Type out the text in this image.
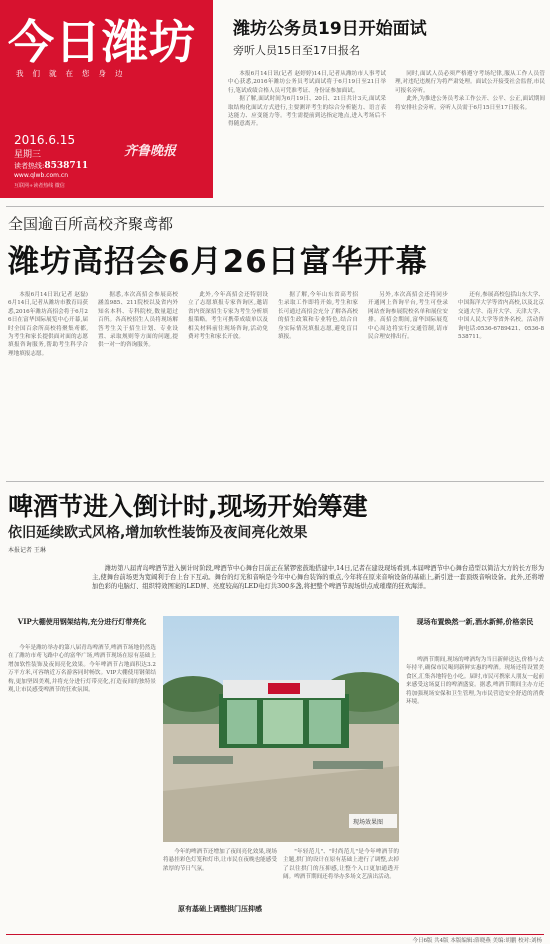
今日潍坊
我们就在您身边
2016.6.15
星期三
读者热线:8538711
www.qlwb.com.cn
齐鲁晚报
互联网+读者热线 微信
潍坊公务员19日开始面试
旁听人员15日至17日报名

本报6月14日讯(记者 赵婷婷)14日,记者从潍坊市人事考试中心获悉,2016年潍坊公务员考试面试将于6月19日至21日举行,笔试成绩合格人员可凭准考证、身份证参加面试。

据了解,面试时间为6月19日、20日、21日共计3天,面试采取结构化面试方式进行,主要测评考生的综合分析能力、语言表达能力、应变能力等。考生需提前到达指定地点,进入考场后不得随意离开。

同时,面试人员必须严格遵守考场纪律,服从工作人员管理,对违纪违规行为将严肃处理。面试公开接受社会监督,市民可报名旁听。

此外,为推进公务员考录工作公开、公平、公正,面试期间将安排社会旁听。旁听人员需于6月15日至17日报名。

全国逾百所高校齐聚鸢都
潍坊高招会6月26日富华开幕

本报6月14日讯(记者 赵磊)6月14日,记者从潍坊市教育局获悉,2016年潍坊高招会将于6月26日在富华国际展览中心开幕,届时全国百余所高校将聚集鸢都,为考生和家长提供面对面的志愿填报咨询服务,帮助考生科学合理地填报志愿。

据悉,本次高招会参展高校涵盖985、211院校以及省内外知名本科、专科院校,数量超过百所。各高校招生人员将现场解答考生关于招生计划、专业设置、录取规则等方面的问题,提供一对一的咨询服务。

此外,今年高招会还特别设立了志愿填报专家咨询区,邀请省内资深招生专家为考生分析填报策略。考生可携带成绩单以及相关材料前往现场咨询,活动免费对考生和家长开放。

据了解,今年山东省高考招生录取工作即将开始,考生和家长可通过高招会充分了解各高校的招生政策和专业特色,结合自身实际情况填报志愿,避免盲目填报。

另外,本次高招会还将同步开通网上咨询平台,考生可登录网站查询参展院校名单和展位安排。高招会期间,富华国际展览中心周边将实行交通管制,请市民合理安排出行。

还有,参展高校包括山东大学、中国海洋大学等省内高校,以及北京交通大学、南开大学、天津大学、中国人民大学等省外名校。活动咨询电话:0536-6789421、0536-8538711。

啤酒节进入倒计时,现场开始筹建
依旧延续欧式风格,增加软性装饰及夜间亮化效果
本报记者 王琳
潍坊第八届青岛啤酒节进入倒计时阶段,啤酒节中心舞台目前正在紧锣密鼓地搭建中,14日,记者在建设现场看到,本届啤酒节中心舞台造型以简洁大方的长方形为主,使舞台前场更为宽阔利于台上台下互动。舞台的灯光和音响是今年中心舞台装饰的重点,今年将在原来音响设备的基础上,新引进一套顶级音响设备。此外,还将增加色彩的电脑灯、组织特效图案的LED屏、亮度较高的LED电灯共300多盏,将把整个啤酒节现场烘点成璀璨的狂欢海洋。
VIP大棚使用钢架结构,充分进行灯带亮化

今年是潍坊举办的第八届青岛啤酒节,啤酒节场地仍然选在了潍坊市鸢飞路中心的富华广场,啤酒节现场在原有基础上增加软性装饰及夜间亮化效果。今年啤酒节占地面积达3.2万平方米,可容纳近万名游客同时畅饮。VIP大棚使用钢架结构,更加坚固美观,并将充分进行灯带亮化,打造夜间的独特景观,让市民感受啤酒节的狂欢氛围。

现场效果图

今年的啤酒节还增加了夜间亮化效果,现场将悬挂彩色灯笼和灯串,让市民在夜晚也能感受浓厚的节日气氛。

原有基础上调整拱门压抑感

"年轻范儿"、"时尚范儿"是今年啤酒节的主题,拱门的设计在原有基础上进行了调整,去掉了以往拱门的压抑感,让整个入口更加通透开阔。啤酒节期间还将举办多场文艺演出活动。

现场布置焕然一新,酒水新鲜,价格亲民

啤酒节期间,现场的啤酒均为当日新鲜送达,价格与去年持平,确保市民喝到新鲜实惠的啤酒。现场还将设置美食区,汇集各地特色小吃。届时,市民可携家人朋友一起前来感受这场夏日的啤酒盛宴。据悉,啤酒节期间主办方还将加强现场安保和卫生管理,为市民营造安全舒适的消费环境。

今日6版 共4版 本版编辑:薛晓燕 美编:胡鹏 校对:刘杨
